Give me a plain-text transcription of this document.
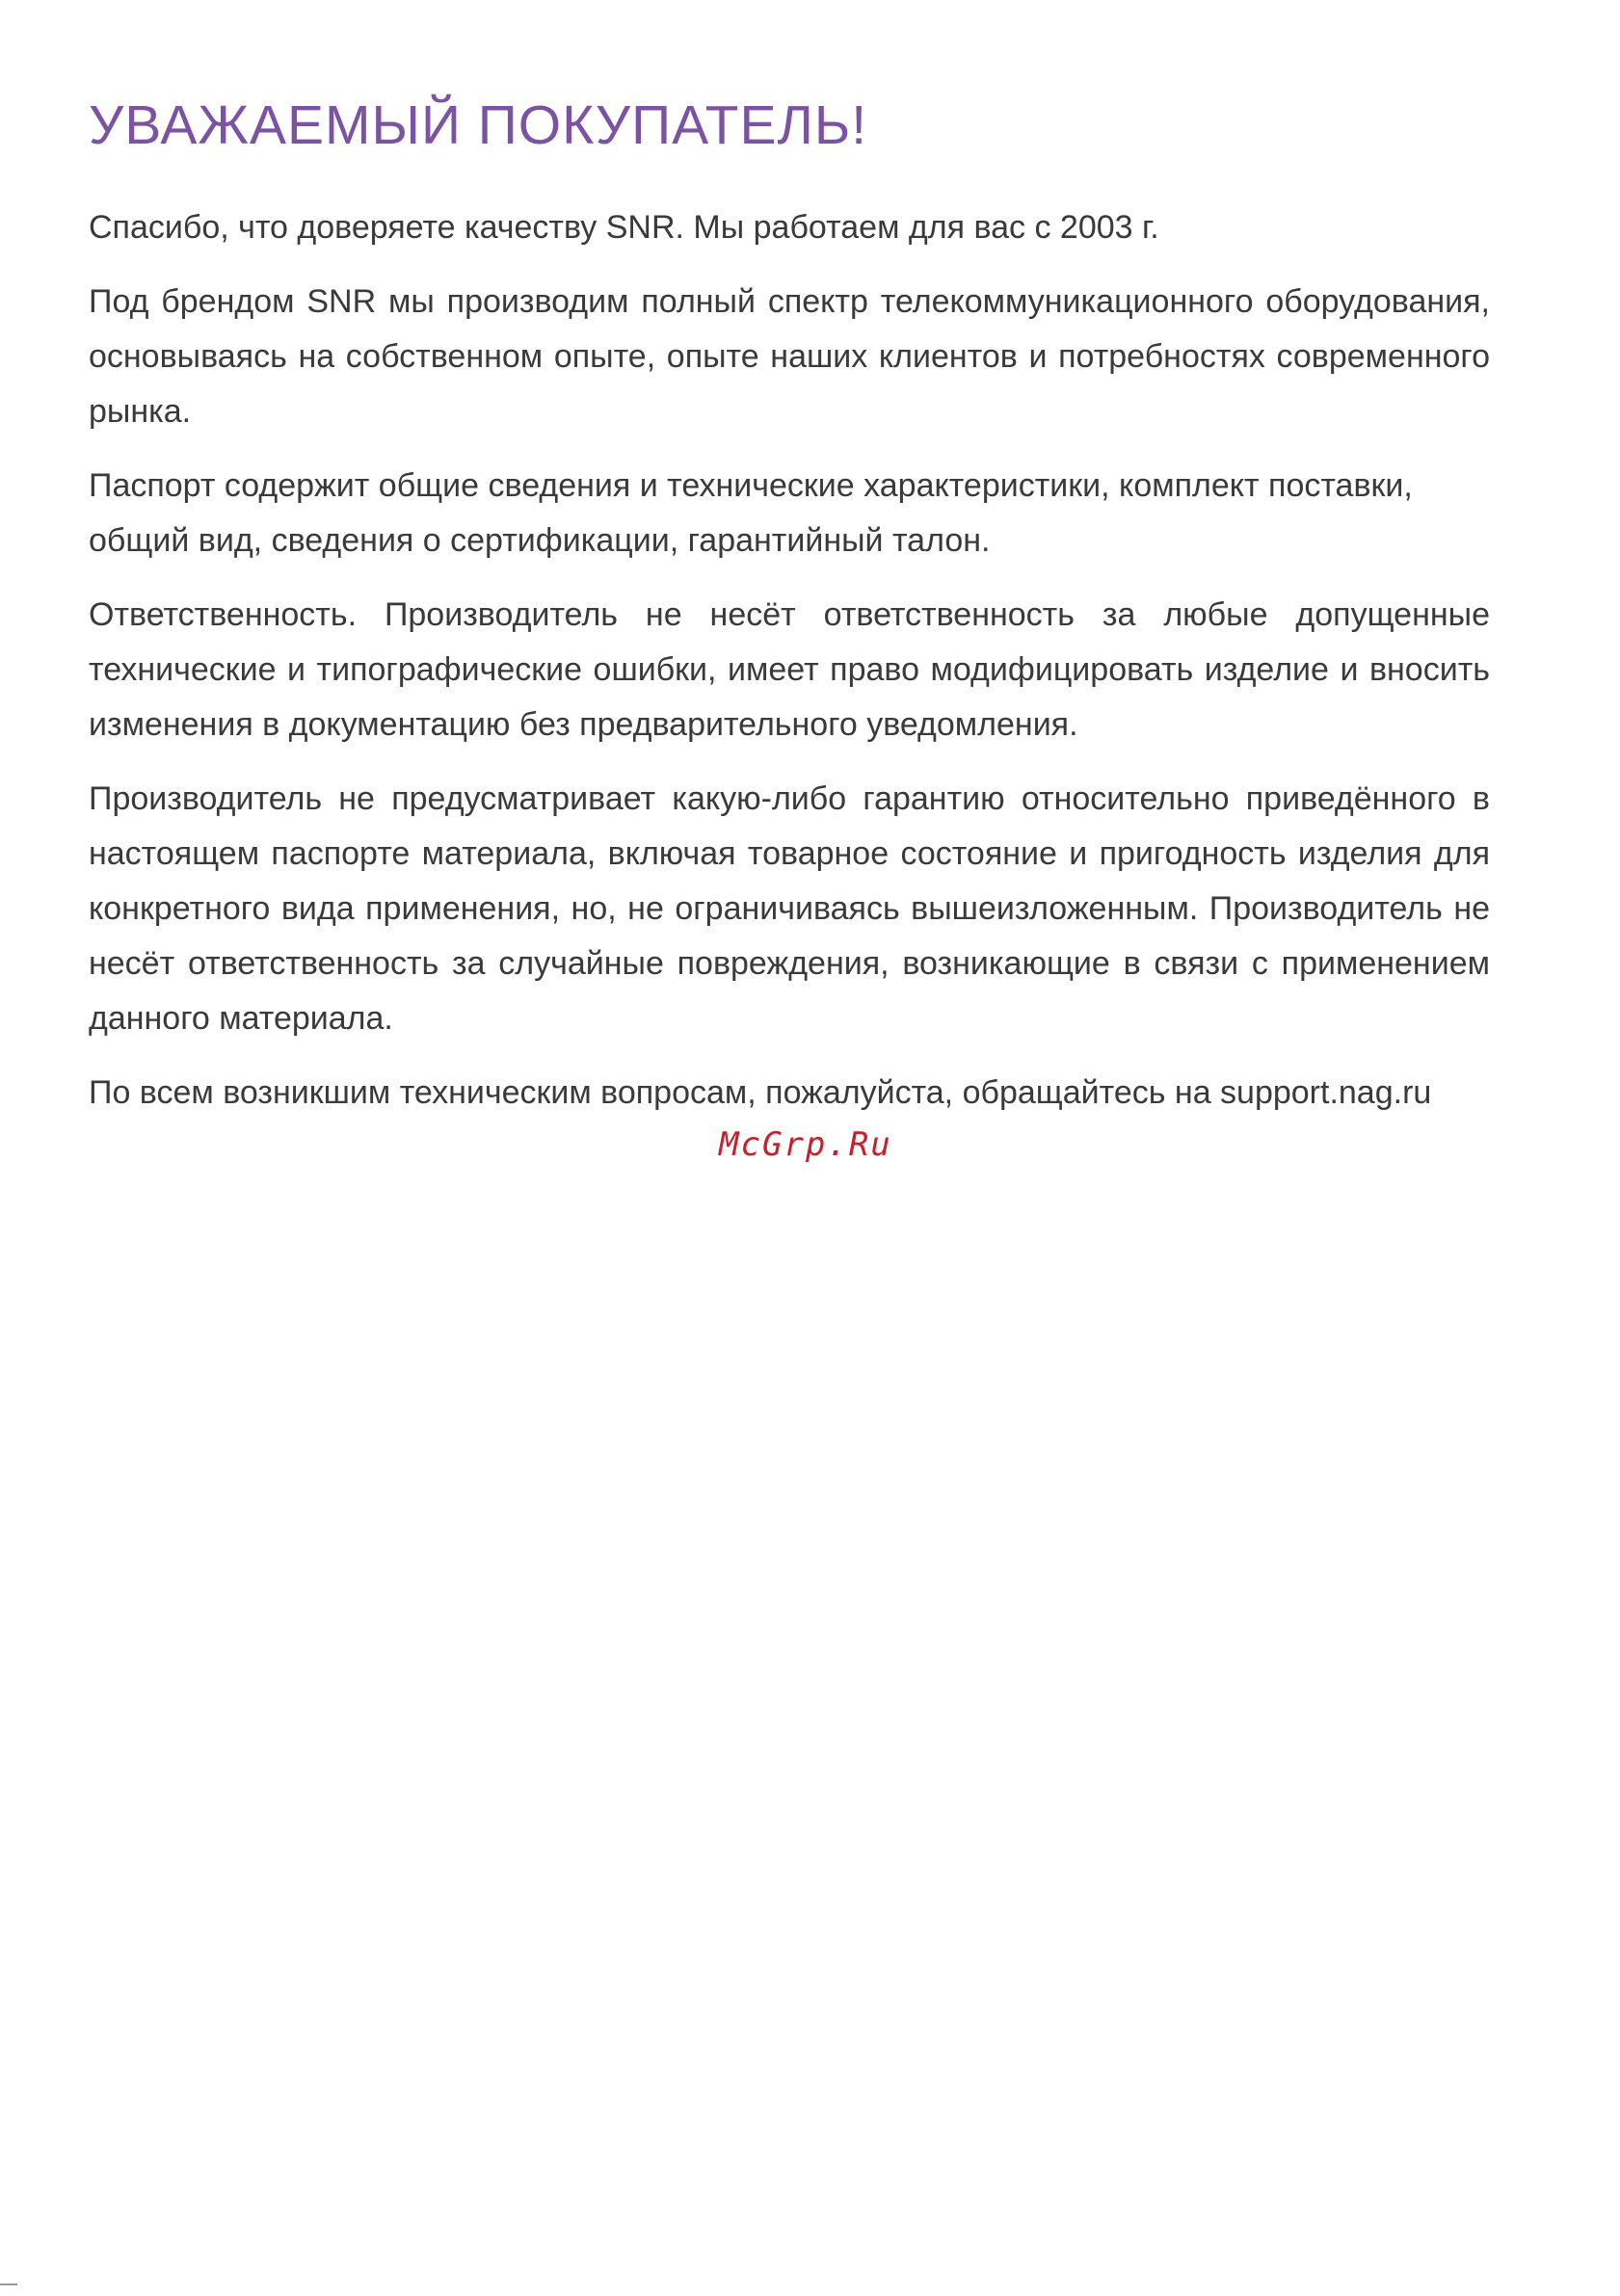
УВАЖАЕМЫЙ ПОКУПАТЕЛЬ!

Спасибо, что доверяете качеству SNR. Мы работаем для вас с 2003 г.

Под брендом SNR мы производим полный спектр телекоммуникационного оборудования, основываясь на собственном опыте, опыте наших клиентов и потребностях современного рынка.

Паспорт содержит общие сведения и технические характеристики, комплект поставки, общий вид, сведения о сертификации, гарантийный талон.

Ответственность. Производитель не несёт ответственность за любые допущенные технические и типографические ошибки, имеет право модифицировать изделие и вносить изменения в документацию без предварительного уведомления.

Производитель не предусматривает какую-либо гарантию относительно приведённого в настоящем паспорте материала, включая товарное состояние и пригодность изделия для конкретного вида применения, но, не ограничиваясь вышеизложенным. Производитель не несёт ответственность за случайные повреждения, возникающие в связи с применением данного материала.

По всем возникшим техническим вопросам, пожалуйста, обращайтесь на support.nag.ru

McGrp.Ru
